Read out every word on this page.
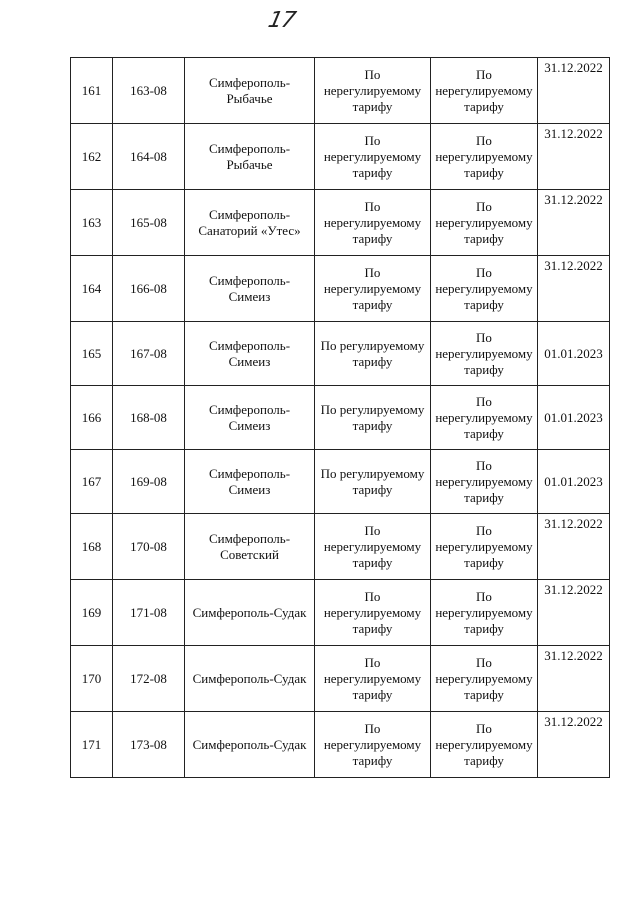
17
161	163-08	Симферополь-
Рыбачье	По
нерегулируемому
тарифу	По
нерегулируемому
тарифу	31.12.2022
162	164-08	Симферополь-
Рыбачье	По
нерегулируемому
тарифу	По
нерегулируемому
тарифу	31.12.2022
163	165-08	Симферополь-
Санаторий «Утес»	По
нерегулируемому
тарифу	По
нерегулируемому
тарифу	31.12.2022
164	166-08	Симферополь-
Симеиз	По
нерегулируемому
тарифу	По
нерегулируемому
тарифу	31.12.2022
165	167-08	Симферополь-
Симеиз	По регулируемому
тарифу	По
нерегулируемому
тарифу	01.01.2023
166	168-08	Симферополь-
Симеиз	По регулируемому
тарифу	По
нерегулируемому
тарифу	01.01.2023
167	169-08	Симферополь-
Симеиз	По регулируемому
тарифу	По
нерегулируемому
тарифу	01.01.2023
168	170-08	Симферополь-
Советский	По
нерегулируемому
тарифу	По
нерегулируемому
тарифу	31.12.2022
169	171-08	Симферополь-Судак	По
нерегулируемому
тарифу	По
нерегулируемому
тарифу	31.12.2022
170	172-08	Симферополь-Судак	По
нерегулируемому
тарифу	По
нерегулируемому
тарифу	31.12.2022
171	173-08	Симферополь-Судак	По
нерегулируемому
тарифу	По
нерегулируемому
тарифу	31.12.2022
